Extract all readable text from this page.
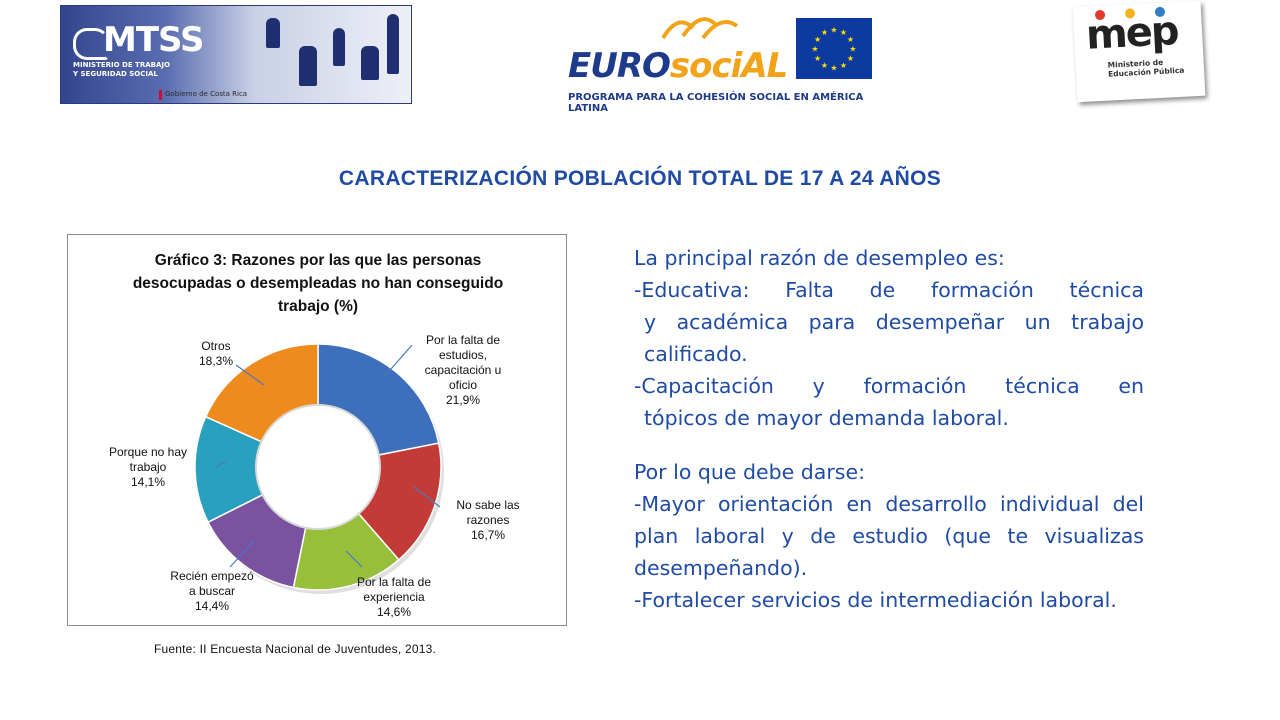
MTSS
MINISTERIO DE TRABAJO
Y SEGURIDAD SOCIAL
Gobierno de Costa Rica
EUROsociAL
PROGRAMA PARA LA COHESIÓN SOCIAL EN AMÉRICA LATINA
★ ★
★
★
★
★
★
★
★
★
★
★	mep
Ministerio de
Educación Pública
CARACTERIZACIÓN POBLACIÓN TOTAL DE 17 A 24 AÑOS
Gráfico 3: Razones por las que las personas desocupadas o desempleadas no han conseguido trabajo (%)
Por la falta de
estudios,
capacitación u
oficio
21,9%
No sabe las
razones
16,7%
Por la falta de
experiencia
14,6%
Recién empezó
a buscar
14,4%
Porque no hay
trabajo
14,1%
Otros
18,3%
Fuente: II Encuesta Nacional de Juventudes, 2013.

La principal razón de desempleo es:

-Educativa: Falta de formación técnica

y académica para desempeñar un trabajo calificado.

-Capacitación y formación técnica en

tópicos de mayor demanda laboral.

Por lo que debe darse:

-Mayor orientación en desarrollo individual del plan laboral y de estudio (que te visualizas desempeñando).

-Fortalecer servicios de intermediación laboral.
